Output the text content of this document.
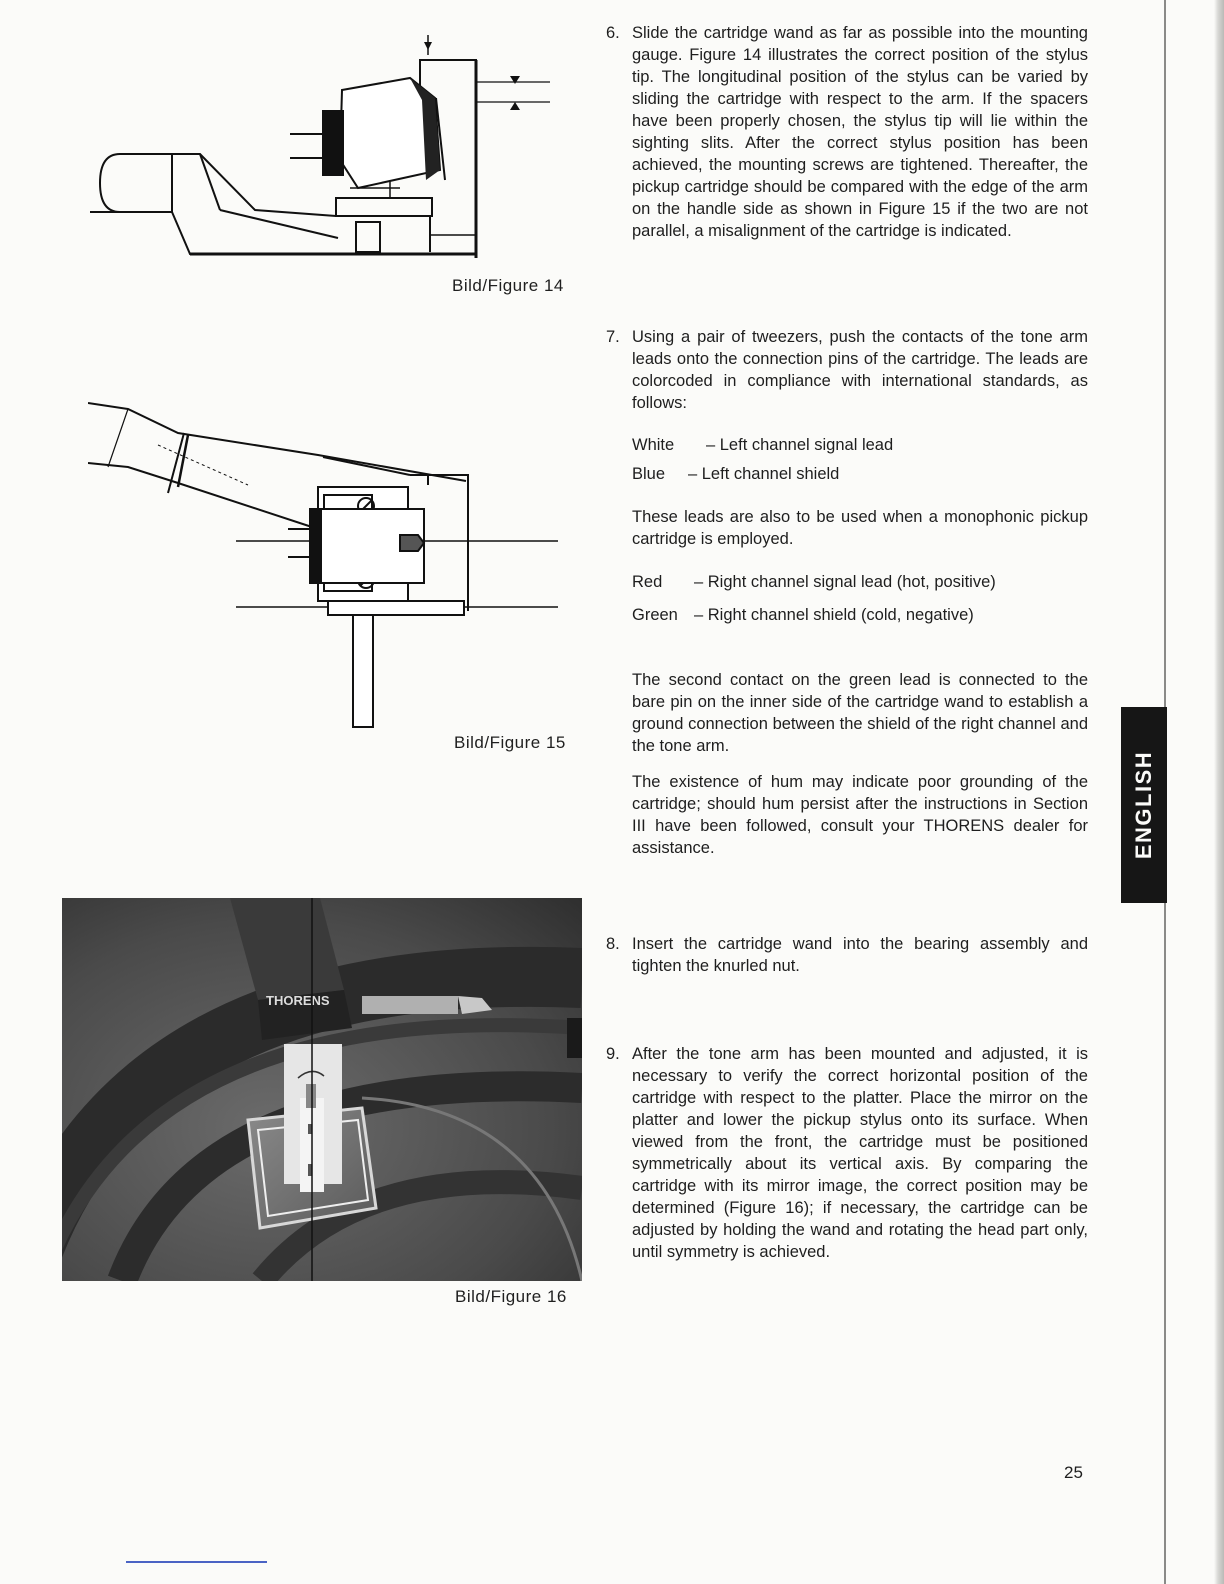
Bild/Figure 14
Bild/Figure 15
THORENS
Bild/Figure 16

6. Slide the cartridge wand as far as possible into the mounting gauge. Figure 14 illustrates the correct position of the stylus tip. The longitudinal position of the stylus can be varied by sliding the cartridge with respect to the arm. If the spacers have been properly chosen, the stylus tip will lie within the sighting slits. After the correct stylus position has been achieved, the mounting screws are tightened. Thereafter, the pickup cartridge should be compared with the edge of the arm on the handle side as shown in Figure 15 if the two are not parallel, a misalignment of the cartridge is indicated.

7. Using a pair of tweezers, push the contacts of the tone arm leads onto the connection pins of the cartridge. The leads are colorcoded in compliance with international standards, as follows:

White	– Left channel signal lead

Blue	– Left channel shield

These leads are also to be used when a monophonic pickup cartridge is employed.

Red	– Right channel signal lead (hot, positive)

Green – Right channel shield (cold, negative)

The second contact on the green lead is connected to the bare pin on the inner side of the cartridge wand to establish a ground connection between the shield of the right channel and the tone arm.

The existence of hum may indicate poor grounding of the cartridge; should hum persist after the instructions in Section III have been followed, consult your THORENS dealer for assistance.

8. Insert the cartridge wand into the bearing assembly and tighten the knurled nut.

9. After the tone arm has been mounted and adjusted, it is necessary to verify the correct horizontal position of the cartridge with respect to the platter. Place the mirror on the platter and lower the pickup stylus onto its surface. When viewed from the front, the cartridge must be positioned symmetrically about its vertical axis. By comparing the cartridge with its mirror image, the correct position may be determined (Figure 16); if necessary, the cartridge can be adjusted by holding the wand and rotating the head part only, until symmetry is achieved.

ENGLISH
25
